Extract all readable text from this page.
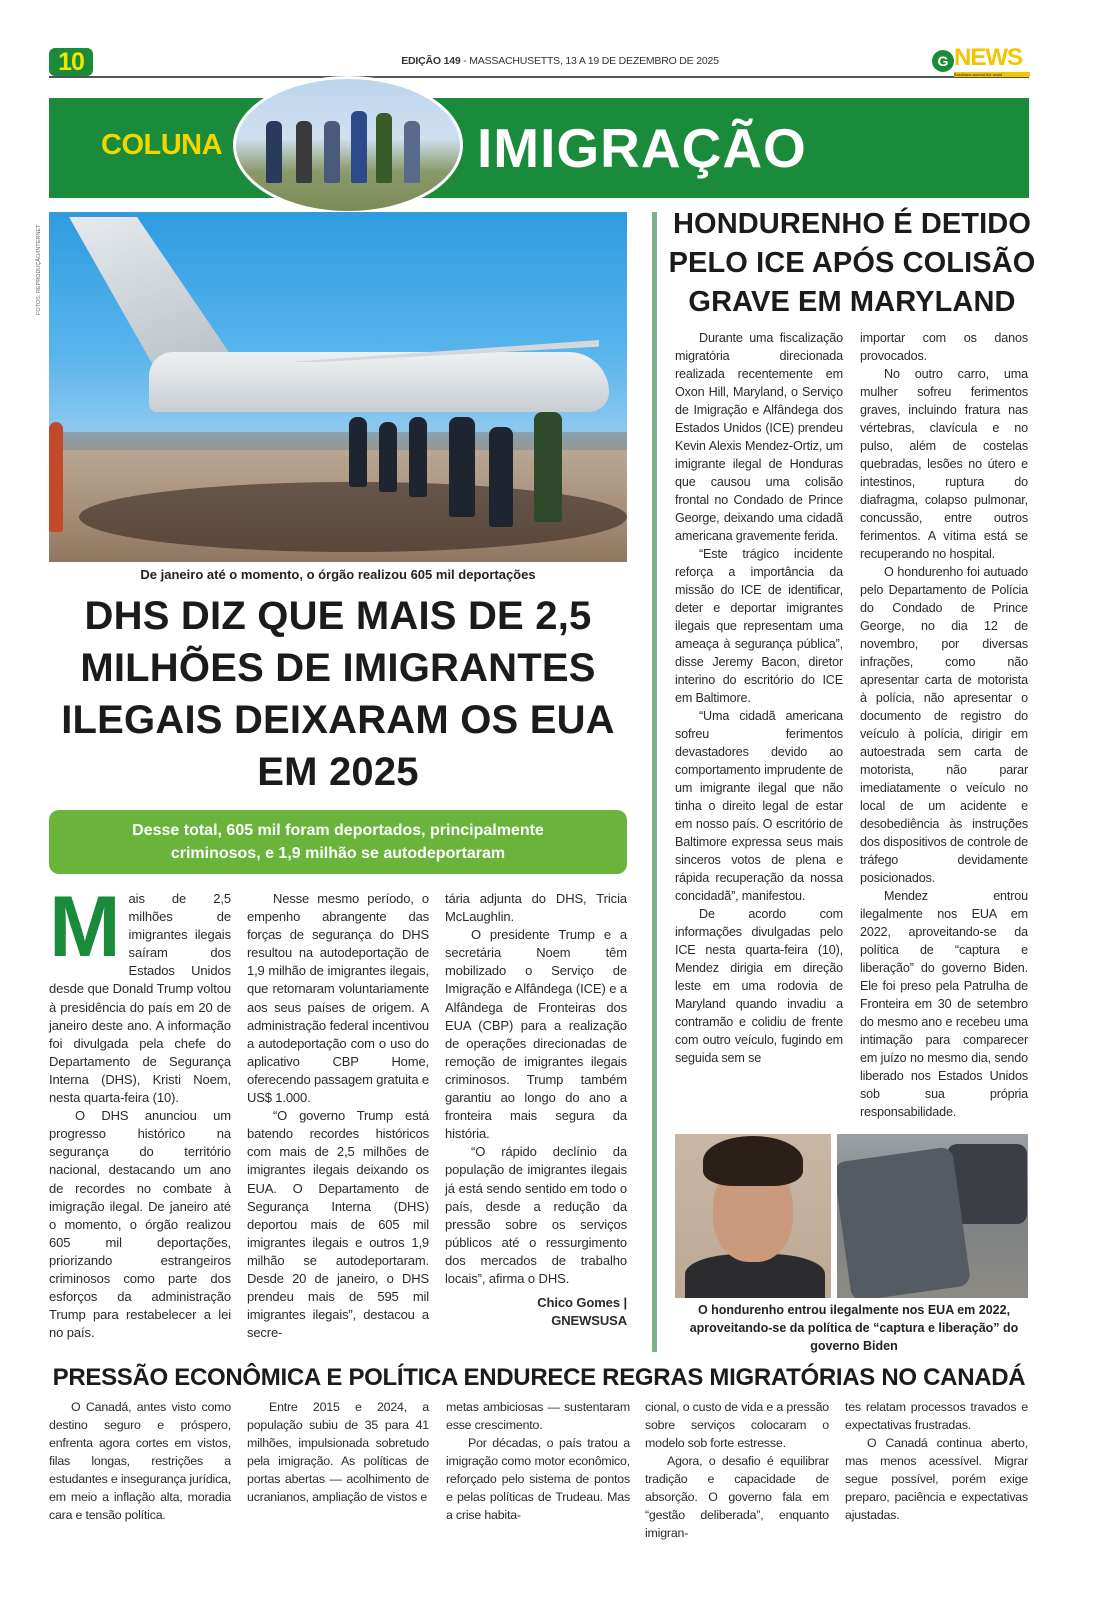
10	EDIÇÃO 149 - MASSACHUSETTS, 13 A 19 DE DEZEMBRO DE 2025	G NEWS
Brazilians around the world
COLUNA	IMIGRAÇÃO
FOTOS: REPRODUÇÃO/INTERNET
De janeiro até o momento, o órgão realizou 605 mil deportações
DHS DIZ QUE MAIS DE 2,5 MILHÕES DE IMIGRANTES ILEGAIS DEIXARAM OS EUA EM 2025
Desse total, 605 mil foram deportados, principalmente criminosos, e 1,9 milhão se autodeportaram
M ais de 2,5 milhões de imigrantes ilegais saíram dos Estados Unidos desde que Donald Trump voltou à presidência do país em 20 de janeiro deste ano. A informação foi divulgada pela chefe do Departamento de Segurança Interna (DHS), Kristi Noem, nesta quarta-feira (10).

O DHS anunciou um progresso histórico na segurança do território nacional, destacando um ano de recordes no combate à imigração ilegal. De janeiro até o momento, o órgão realizou 605 mil deportações, priorizando estrangeiros criminosos como parte dos esforços da administração Trump para restabelecer a lei no país.

Nesse mesmo período, o empenho abrangente das forças de segurança do DHS resultou na autodeportação de 1,9 milhão de imigrantes ilegais, que retornaram voluntariamente aos seus países de origem. A administração federal incentivou a autodeportação com o uso do aplicativo CBP Home, oferecendo passagem gratuita e US$ 1.000.

“O governo Trump está batendo recordes históricos com mais de 2,5 milhões de imigrantes ilegais deixando os EUA. O Departamento de Segurança Interna (DHS) deportou mais de 605 mil imigrantes ilegais e outros 1,9 milhão se autodeportaram. Desde 20 de janeiro, o DHS prendeu mais de 595 mil imigrantes ilegais”, destacou a secre-

tária adjunta do DHS, Tricia McLaughlin.

O presidente Trump e a secretária Noem têm mobilizado o Serviço de Imigração e Alfândega (ICE) e a Alfândega de Fronteiras dos EUA (CBP) para a realização de operações direcionadas de remoção de imigrantes ilegais criminosos. Trump também garantiu ao longo do ano a fronteira mais segura da história.

“O rápido declínio da população de imigrantes ilegais já está sendo sentido em todo o país, desde a redução da pressão sobre os serviços públicos até o ressurgimento dos mercados de trabalho locais”, afirma o DHS.

Chico Gomes |
GNEWSUSA
HONDURENHO É DETIDO PELO ICE APÓS COLISÃO GRAVE EM MARYLAND

Durante uma fiscalização migratória direcionada realizada recentemente em Oxon Hill, Maryland, o Serviço de Imigração e Alfândega dos Estados Unidos (ICE) prendeu Kevin Alexis Mendez-Ortiz, um imigrante ilegal de Honduras que causou uma colisão frontal no Condado de Prince George, deixando uma cidadã americana gravemente ferida.

“Este trágico incidente reforça a importância da missão do ICE de identificar, deter e deportar imigrantes ilegais que representam uma ameaça à segurança pública”, disse Jeremy Bacon, diretor interino do escritório do ICE em Baltimore.

“Uma cidadã americana sofreu ferimentos devastadores devido ao comportamento imprudente de um imigrante ilegal que não tinha o direito legal de estar em nosso país. O escritório de Baltimore expressa seus mais sinceros votos de plena e rápida recuperação da nossa concidadã”, manifestou.

De acordo com informações divulgadas pelo ICE nesta quarta-feira (10), Mendez dirigia em direção leste em uma rodovia de Maryland quando invadiu a contramão e colidiu de frente com outro veículo, fugindo em seguida sem se

importar com os danos provocados.

No outro carro, uma mulher sofreu ferimentos graves, incluindo fratura nas vértebras, clavícula e no pulso, além de costelas quebradas, lesões no útero e intestinos, ruptura do diafragma, colapso pulmonar, concussão, entre outros ferimentos. A vítima está se recuperando no hospital.

O hondurenho foi autuado pelo Departamento de Polícia do Condado de Prince George, no dia 12 de novembro, por diversas infrações, como não apresentar carta de motorista à polícia, não apresentar o documento de registro do veículo à polícia, dirigir em autoestrada sem carta de motorista, não parar imediatamente o veículo no local de um acidente e desobediência às instruções dos dispositivos de controle de tráfego devidamente posicionados.

Mendez entrou ilegalmente nos EUA em 2022, aproveitando-se da política de “captura e liberação” do governo Biden. Ele foi preso pela Patrulha de Fronteira em 30 de setembro do mesmo ano e recebeu uma intimação para comparecer em juízo no mesmo dia, sendo liberado nos Estados Unidos sob sua própria responsabilidade.

O hondurenho entrou ilegalmente nos EUA em 2022, aproveitando-se da política de “captura e liberação” do governo Biden
PRESSÃO ECONÔMICA E POLÍTICA ENDURECE REGRAS MIGRATÓRIAS NO CANADÁ

O Canadá, antes visto como destino seguro e próspero, enfrenta agora cortes em vistos, filas longas, restrições a estudantes e insegurança jurídica, em meio a inflação alta, moradia cara e tensão política.

Entre 2015 e 2024, a população subiu de 35 para 41 milhões, impulsionada sobretudo pela imigração. As políticas de portas abertas — acolhimento de ucranianos, ampliação de vistos e

metas ambiciosas — sustentaram esse crescimento.

Por décadas, o país tratou a imigração como motor econômico, reforçado pelo sistema de pontos e pelas políticas de Trudeau. Mas a crise habita-

cional, o custo de vida e a pressão sobre serviços colocaram o modelo sob forte estresse.

Agora, o desafio é equilibrar tradição e capacidade de absorção. O governo fala em “gestão deliberada”, enquanto imigran-

tes relatam processos travados e expectativas frustradas.

O Canadá continua aberto, mas menos acessível. Migrar segue possível, porém exige preparo, paciência e expectativas ajustadas.
